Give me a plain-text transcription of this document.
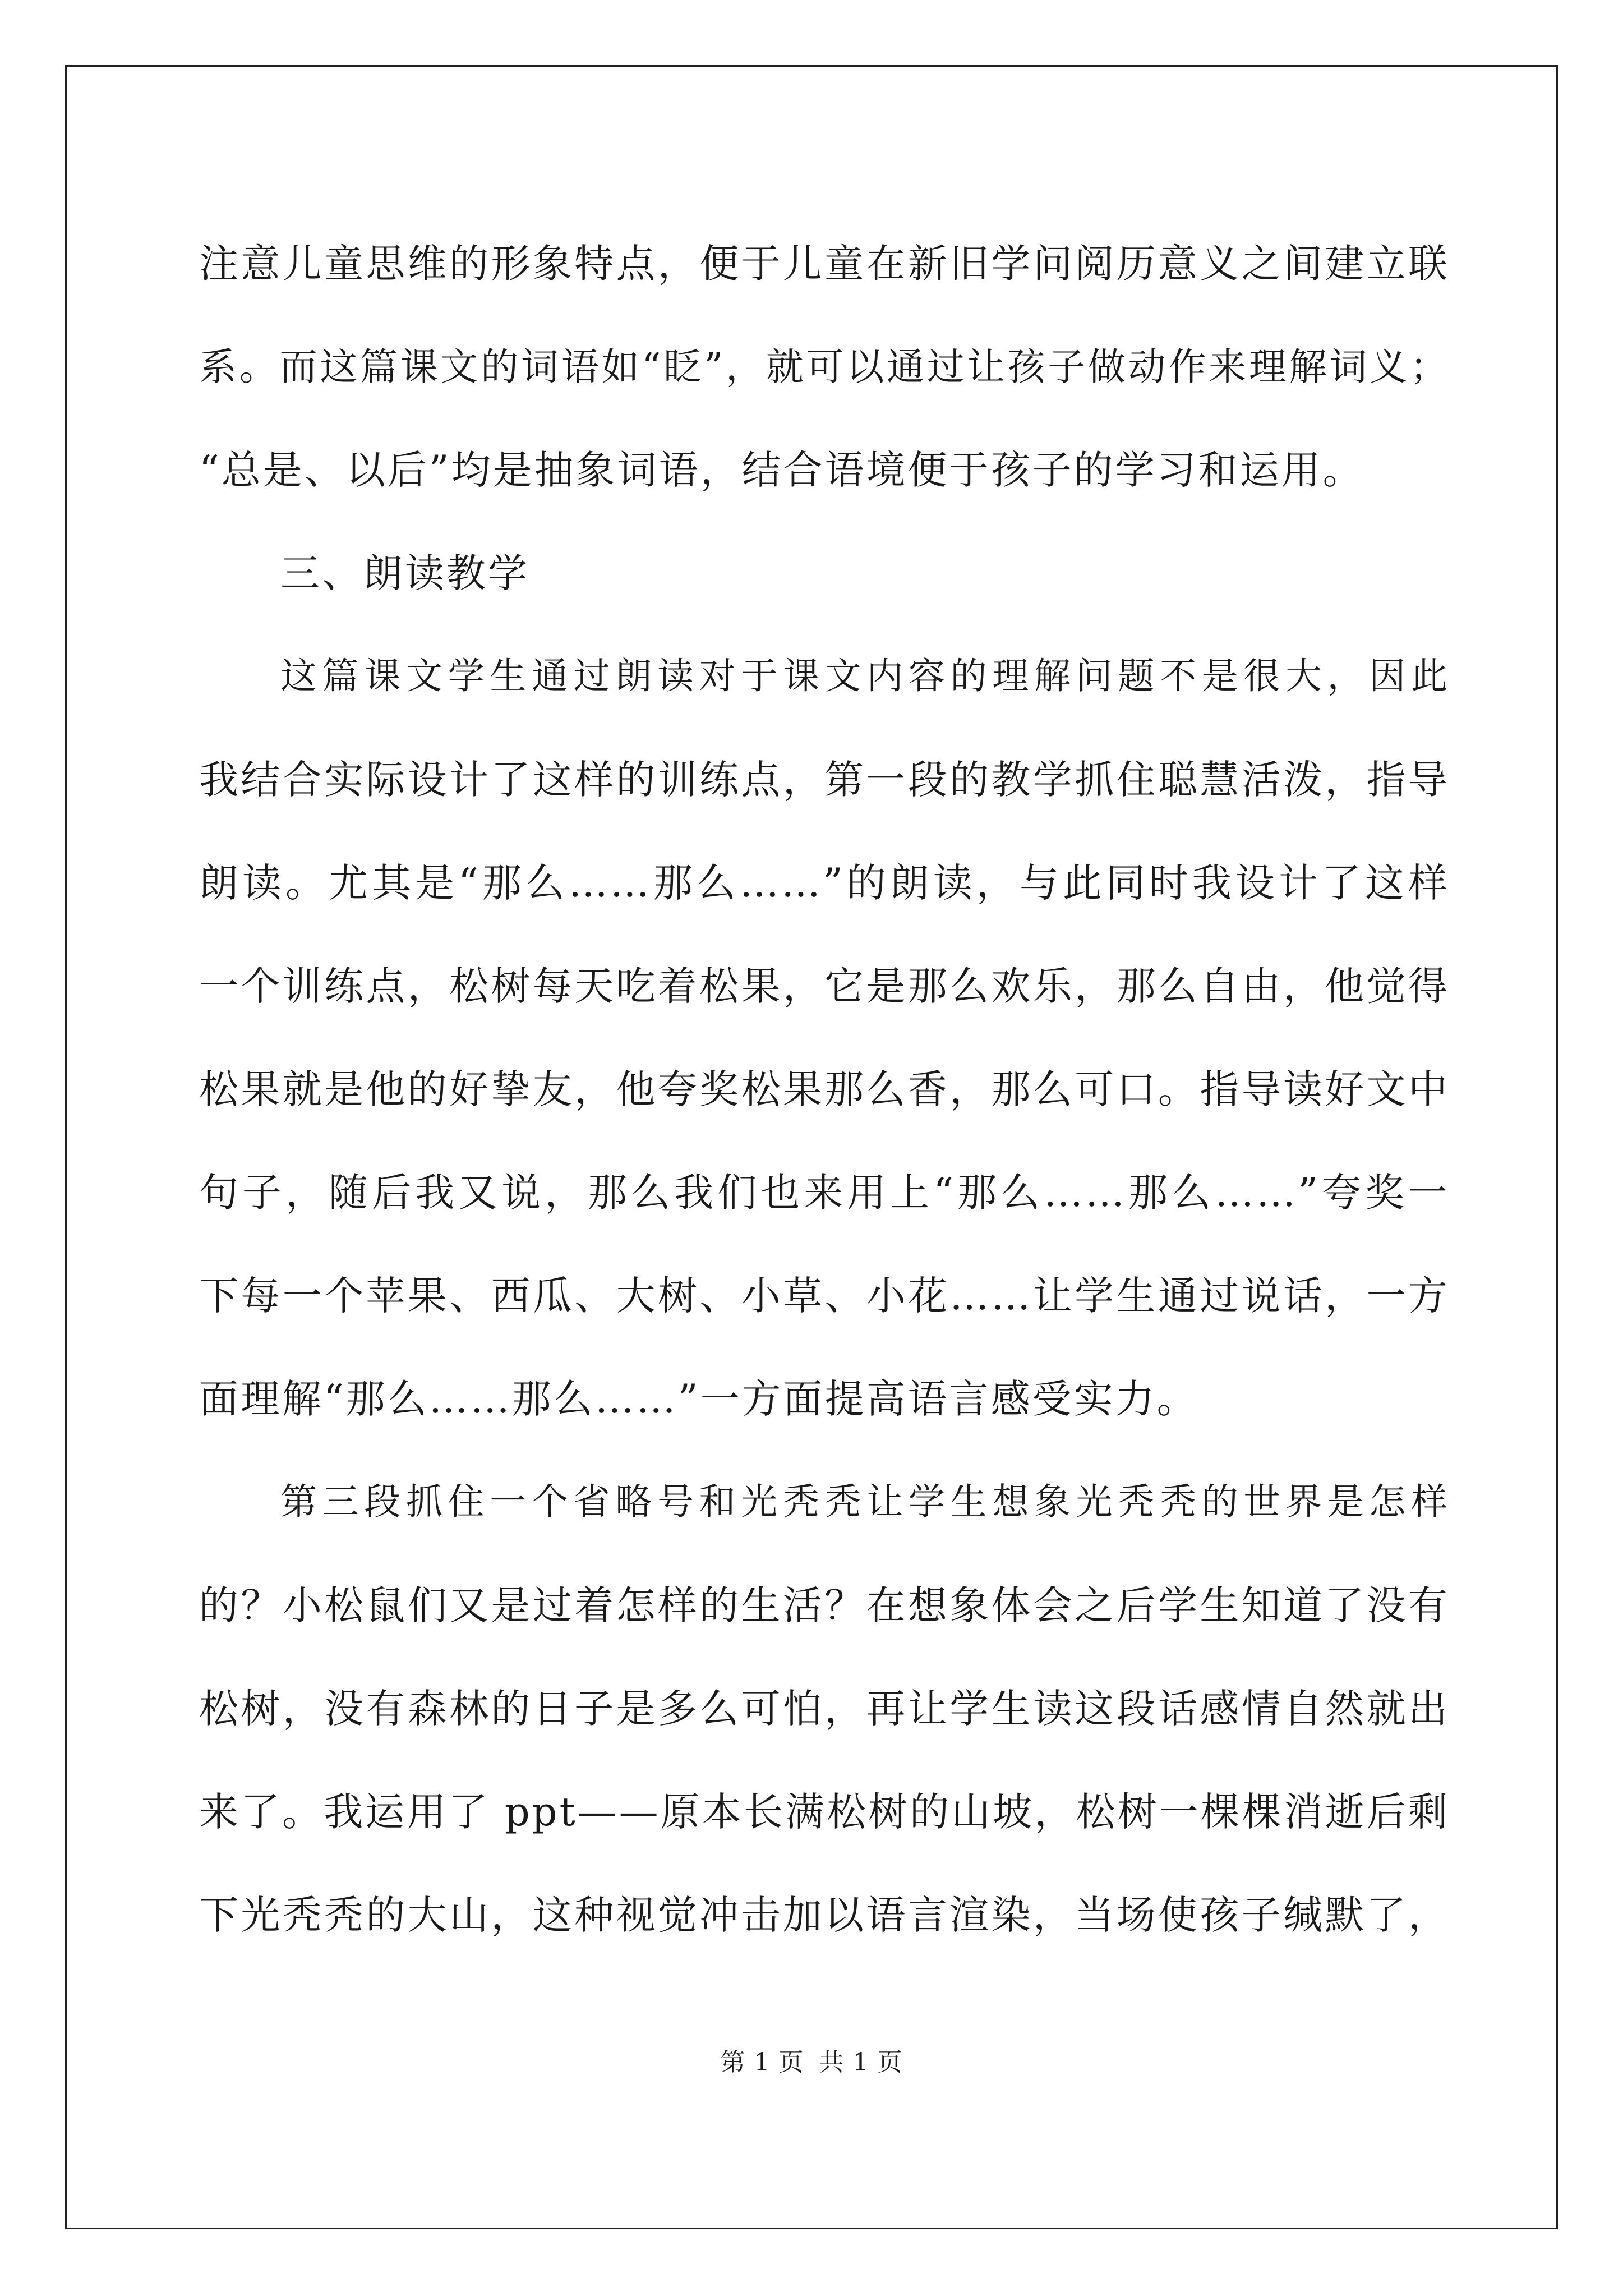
注意儿童思维的形象特点，便于儿童在新旧学问阅历意义之间建立联
系。而这篇课文的词语如“眨”，就可以通过让孩子做动作来理解词义；
“总是、以后”均是抽象词语，结合语境便于孩子的学习和运用。
三、朗读教学
这篇课文学生通过朗读对于课文内容的理解问题不是很大，因此
我结合实际设计了这样的训练点，第一段的教学抓住聪慧活泼，指导
朗读。尤其是“那么……那么……”的朗读，与此同时我设计了这样
一个训练点，松树每天吃着松果，它是那么欢乐，那么自由，他觉得
松果就是他的好挚友，他夸奖松果那么香，那么可口。指导读好文中
句子，随后我又说，那么我们也来用上“那么……那么……”夸奖一
下每一个苹果、西瓜、大树、小草、小花……让学生通过说话，一方
面理解“那么……那么……”一方面提高语言感受实力。
第三段抓住一个省略号和光秃秃让学生想象光秃秃的世界是怎样
的？小松鼠们又是过着怎样的生活？在想象体会之后学生知道了没有
松树，没有森林的日子是多么可怕，再让学生读这段话感情自然就出
来了。我运用了 ppt——原本长满松树的山坡，松树一棵棵消逝后剩
下光秃秃的大山，这种视觉冲击加以语言渲染，当场使孩子缄默了，
第 1 页 共 1 页
